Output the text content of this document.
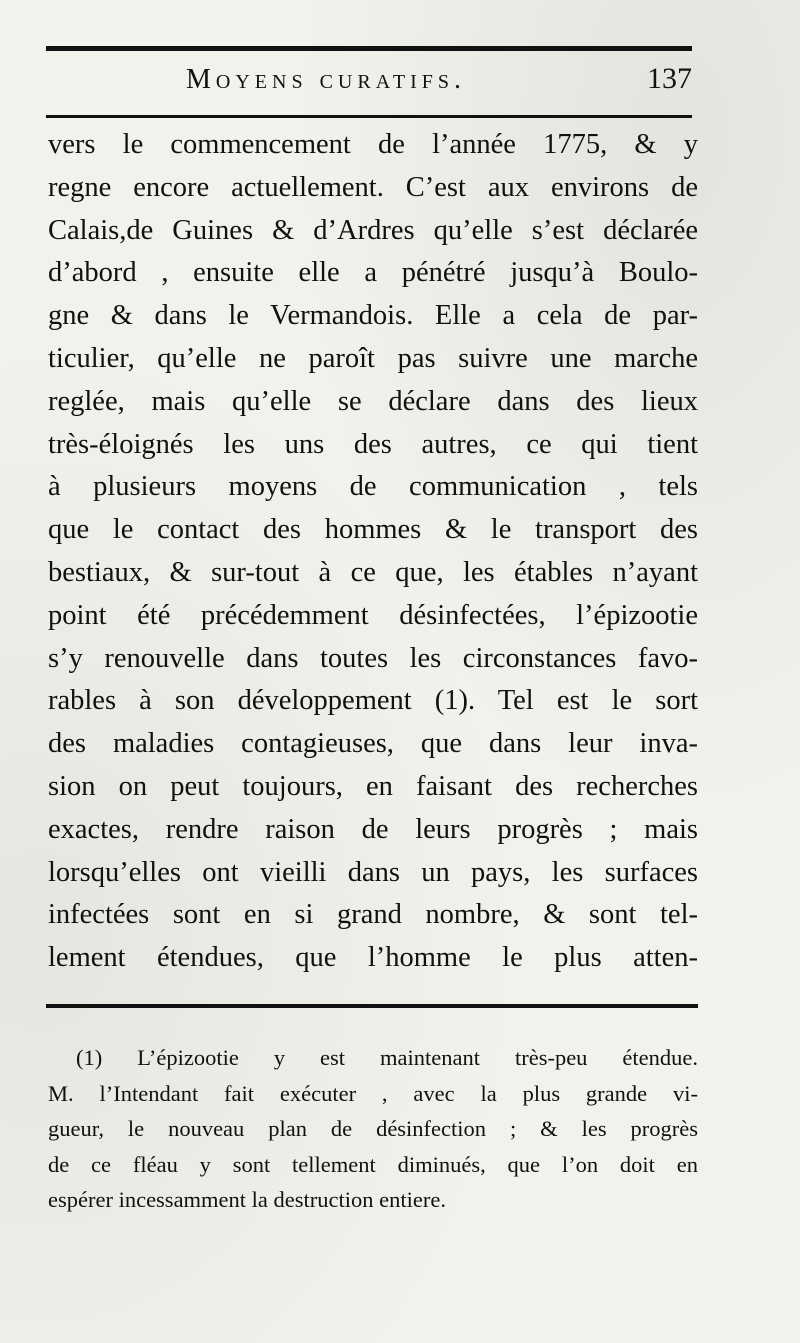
Moyens curatifs.	137
vers le commencement de l’année 1775, & y
regne encore actuellement. C’est aux environs de
Calais,de Guines & d’Ardres qu’elle s’est déclarée
d’abord , ensuite elle a pénétré jusqu’à Boulo-
gne & dans le Vermandois. Elle a cela de par-
ticulier, qu’elle ne paroît pas suivre une marche
reglée, mais qu’elle se déclare dans des lieux
très-éloignés les uns des autres, ce qui tient
à plusieurs moyens de communication , tels
que le contact des hommes & le transport des
bestiaux, & sur-tout à ce que, les étables n’ayant
point été précédemment désinfectées, l’épizootie
s’y renouvelle dans toutes les circonstances favo-
rables à son développement (1). Tel est le sort
des maladies contagieuses, que dans leur inva-
sion on peut toujours, en faisant des recherches
exactes, rendre raison de leurs progrès ; mais
lorsqu’elles ont vieilli dans un pays, les surfaces
infectées sont en si grand nombre, & sont tel-
lement étendues, que l’homme le plus atten-
(1) L’épizootie y est maintenant très-peu étendue.
M. l’Intendant fait exécuter , avec la plus grande vi-
gueur, le nouveau plan de désinfection ; & les progrès
de ce fléau y sont tellement diminués, que l’on doit en
espérer incessamment la destruction entiere.
